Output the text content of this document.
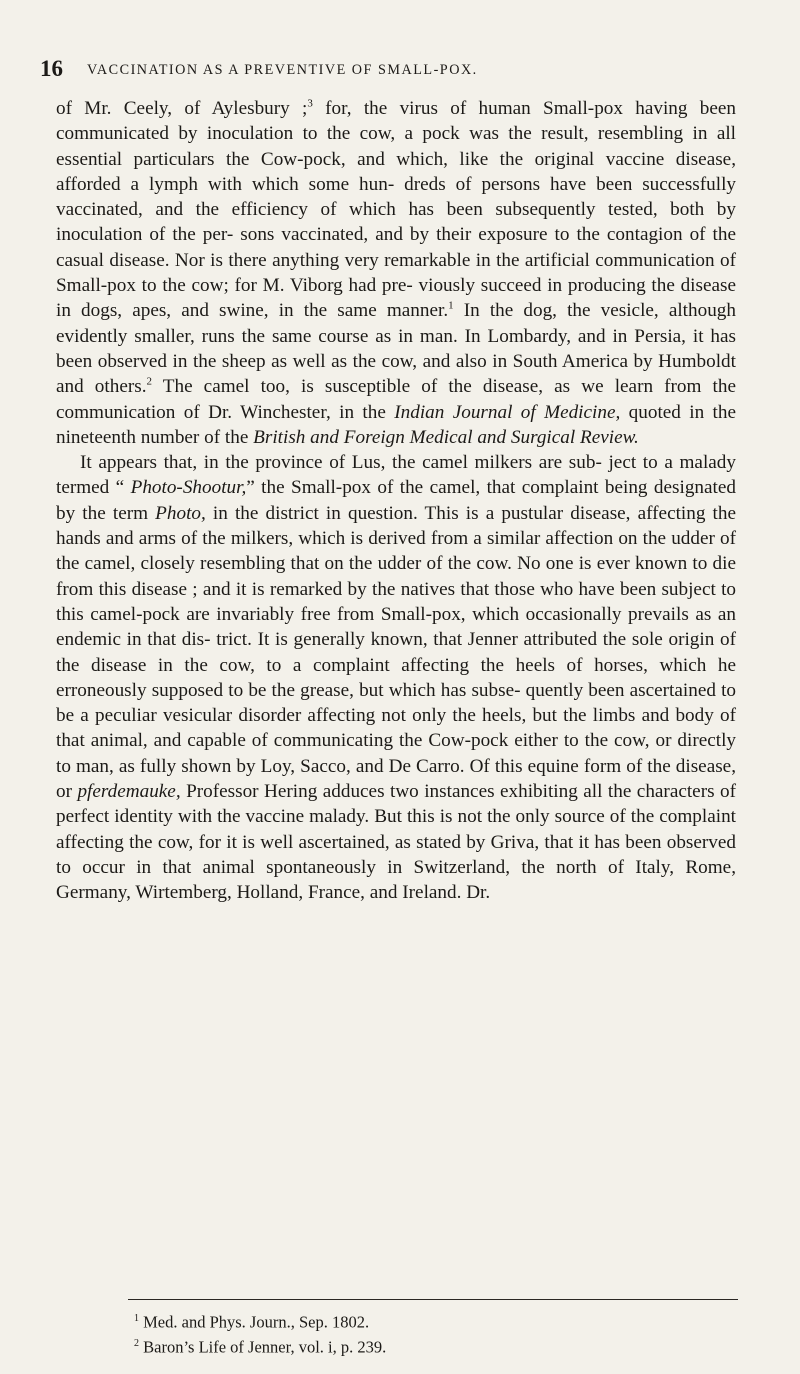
16 VACCINATION AS A PREVENTIVE OF SMALL-POX.

of Mr. Ceely, of Aylesbury ;$^3$ for, the virus of human Small-pox having been communicated by inoculation to the cow, a pock was the result, resembling in all essential particulars the Cow-pock, and which, like the original vaccine disease, afforded a lymph with which some hun- dreds of persons have been successfully vaccinated, and the efficiency of which has been subsequently tested, both by inoculation of the per- sons vaccinated, and by their exposure to the contagion of the casual disease. Nor is there anything very remarkable in the artificial communication of Small-pox to the cow; for M. Viborg had pre- viously succeed in producing the disease in dogs, apes, and swine, in the same manner.$^1$ In the dog, the vesicle, although evidently smaller, runs the same course as in man. In Lombardy, and in Persia, it has been observed in the sheep as well as the cow, and also in South America by Humboldt and others.$^2$ The camel too, is susceptible of the disease, as we learn from the communication of Dr. Winchester, in the Indian Journal of Medicine, quoted in the nineteenth number of the British and Foreign Medical and Surgical Review.

It appears that, in the province of Lus, the camel milkers are sub- ject to a malady termed “ Photo-Shootur,” the Small-pox of the camel, that complaint being designated by the term Photo, in the district in question. This is a pustular disease, affecting the hands and arms of the milkers, which is derived from a similar affection on the udder of the camel, closely resembling that on the udder of the cow. No one is ever known to die from this disease ; and it is remarked by the natives that those who have been subject to this camel-pock are invariably free from Small-pox, which occasionally prevails as an endemic in that dis- trict. It is generally known, that Jenner attributed the sole origin of the disease in the cow, to a complaint affecting the heels of horses, which he erroneously supposed to be the grease, but which has subse- quently been ascertained to be a peculiar vesicular disorder affecting not only the heels, but the limbs and body of that animal, and capable of communicating the Cow-pock either to the cow, or directly to man, as fully shown by Loy, Sacco, and De Carro. Of this equine form of the disease, or pferdemauke, Professor Hering adduces two instances exhibiting all the characters of perfect identity with the vaccine malady. But this is not the only source of the complaint affecting the cow, for it is well ascertained, as stated by Griva, that it has been observed to occur in that animal spontaneously in Switzerland, the north of Italy, Rome, Germany, Wirtemberg, Holland, France, and Ireland. Dr.

$^1$ Med. and Phys. Journ., Sep. 1802.
$^2$ Baron’s Life of Jenner, vol. i, p. 239.
